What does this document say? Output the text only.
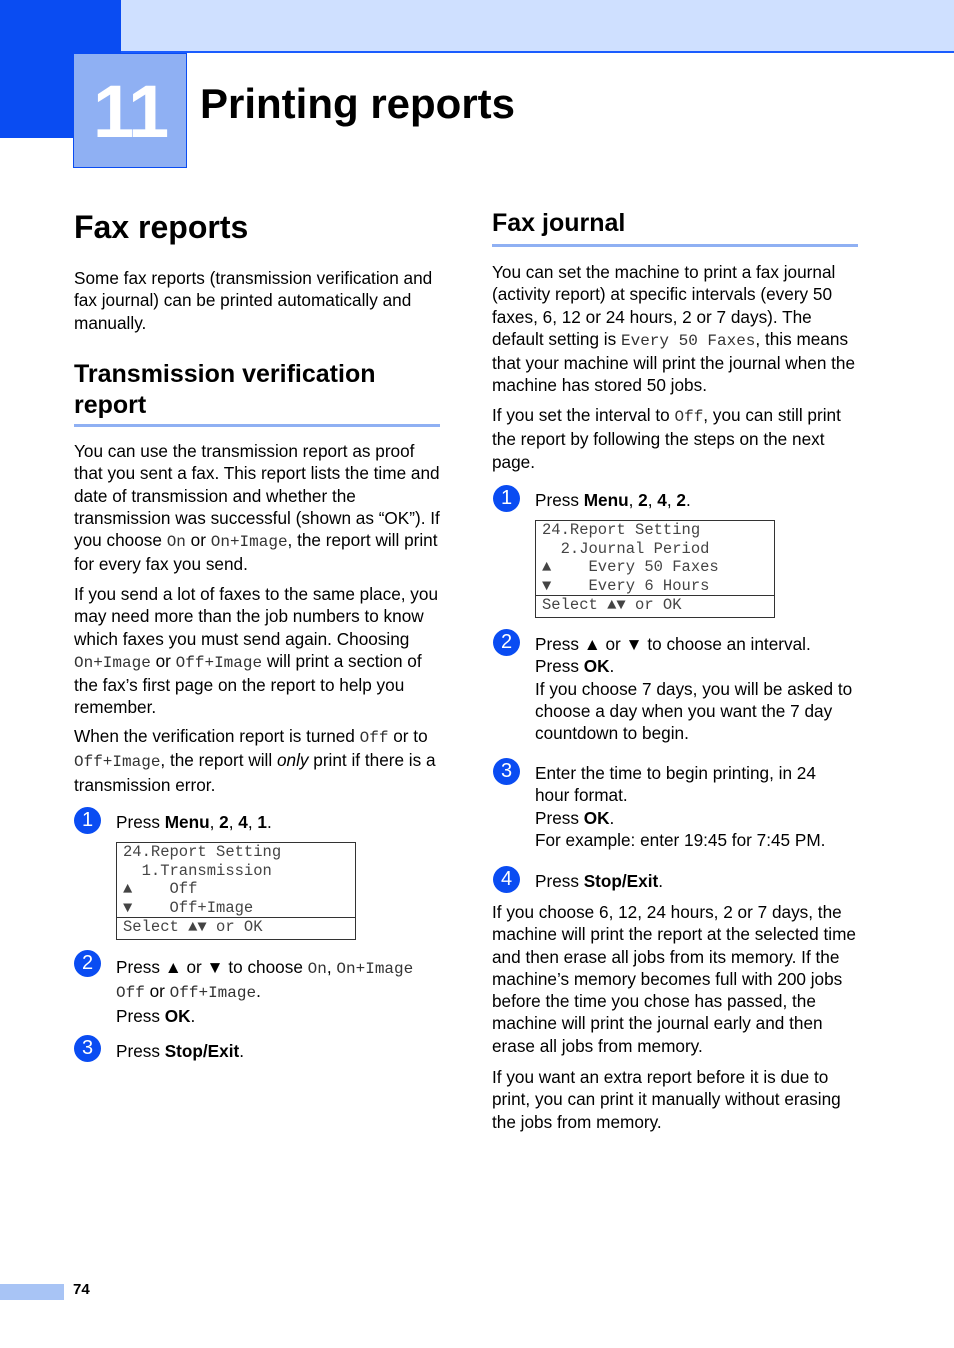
11 Printing reports
Fax reports

Some fax reports (transmission verification and fax journal) can be printed automatically and manually.

Transmission verification report

You can use the transmission report as proof that you sent a fax. This report lists the time and date of transmission and whether the transmission was successful (shown as “OK”). If you choose On or On+Image, the report will print for every fax you send.

If you send a lot of faxes to the same place, you may need more than the job numbers to know which faxes you must send again. Choosing On+Image or Off+Image will print a section of the fax’s first page on the report to help you remember.

When the verification report is turned Off or to Off+Image, the report will only print if there is a transmission error.

1	Press Menu, 2, 4, 1.

24.Report Setting
1.Transmission
▲    Off
▼    Off+Image
Select ▲▼ or OK
2	Press ▲ or ▼ to choose On, On+Image
Off or Off+Image.
Press OK.

3	Press Stop/Exit.

Fax journal

You can set the machine to print a fax journal (activity report) at specific intervals (every 50 faxes, 6, 12 or 24 hours, 2 or 7 days). The default setting is Every 50 Faxes, this means that your machine will print the journal when the machine has stored 50 jobs.

If you set the interval to Off, you can still print the report by following the steps on the next page.

1	Press Menu, 2, 4, 2.

24.Report Setting
2.Journal Period
▲    Every 50 Faxes
▼    Every 6 Hours
Select ▲▼ or OK
2	Press ▲ or ▼ to choose an interval.
Press OK.
If you choose 7 days, you will be asked to choose a day when you want the 7 day countdown to begin.

3	Enter the time to begin printing, in 24 hour format.
Press OK.
For example: enter 19:45 for 7:45 PM.

4	Press Stop/Exit.

If you choose 6, 12, 24 hours, 2 or 7 days, the machine will print the report at the selected time and then erase all jobs from its memory. If the machine’s memory becomes full with 200 jobs before the time you chose has passed, the machine will print the journal early and then erase all jobs from memory.

If you want an extra report before it is due to print, you can print it manually without erasing the jobs from memory.

74
